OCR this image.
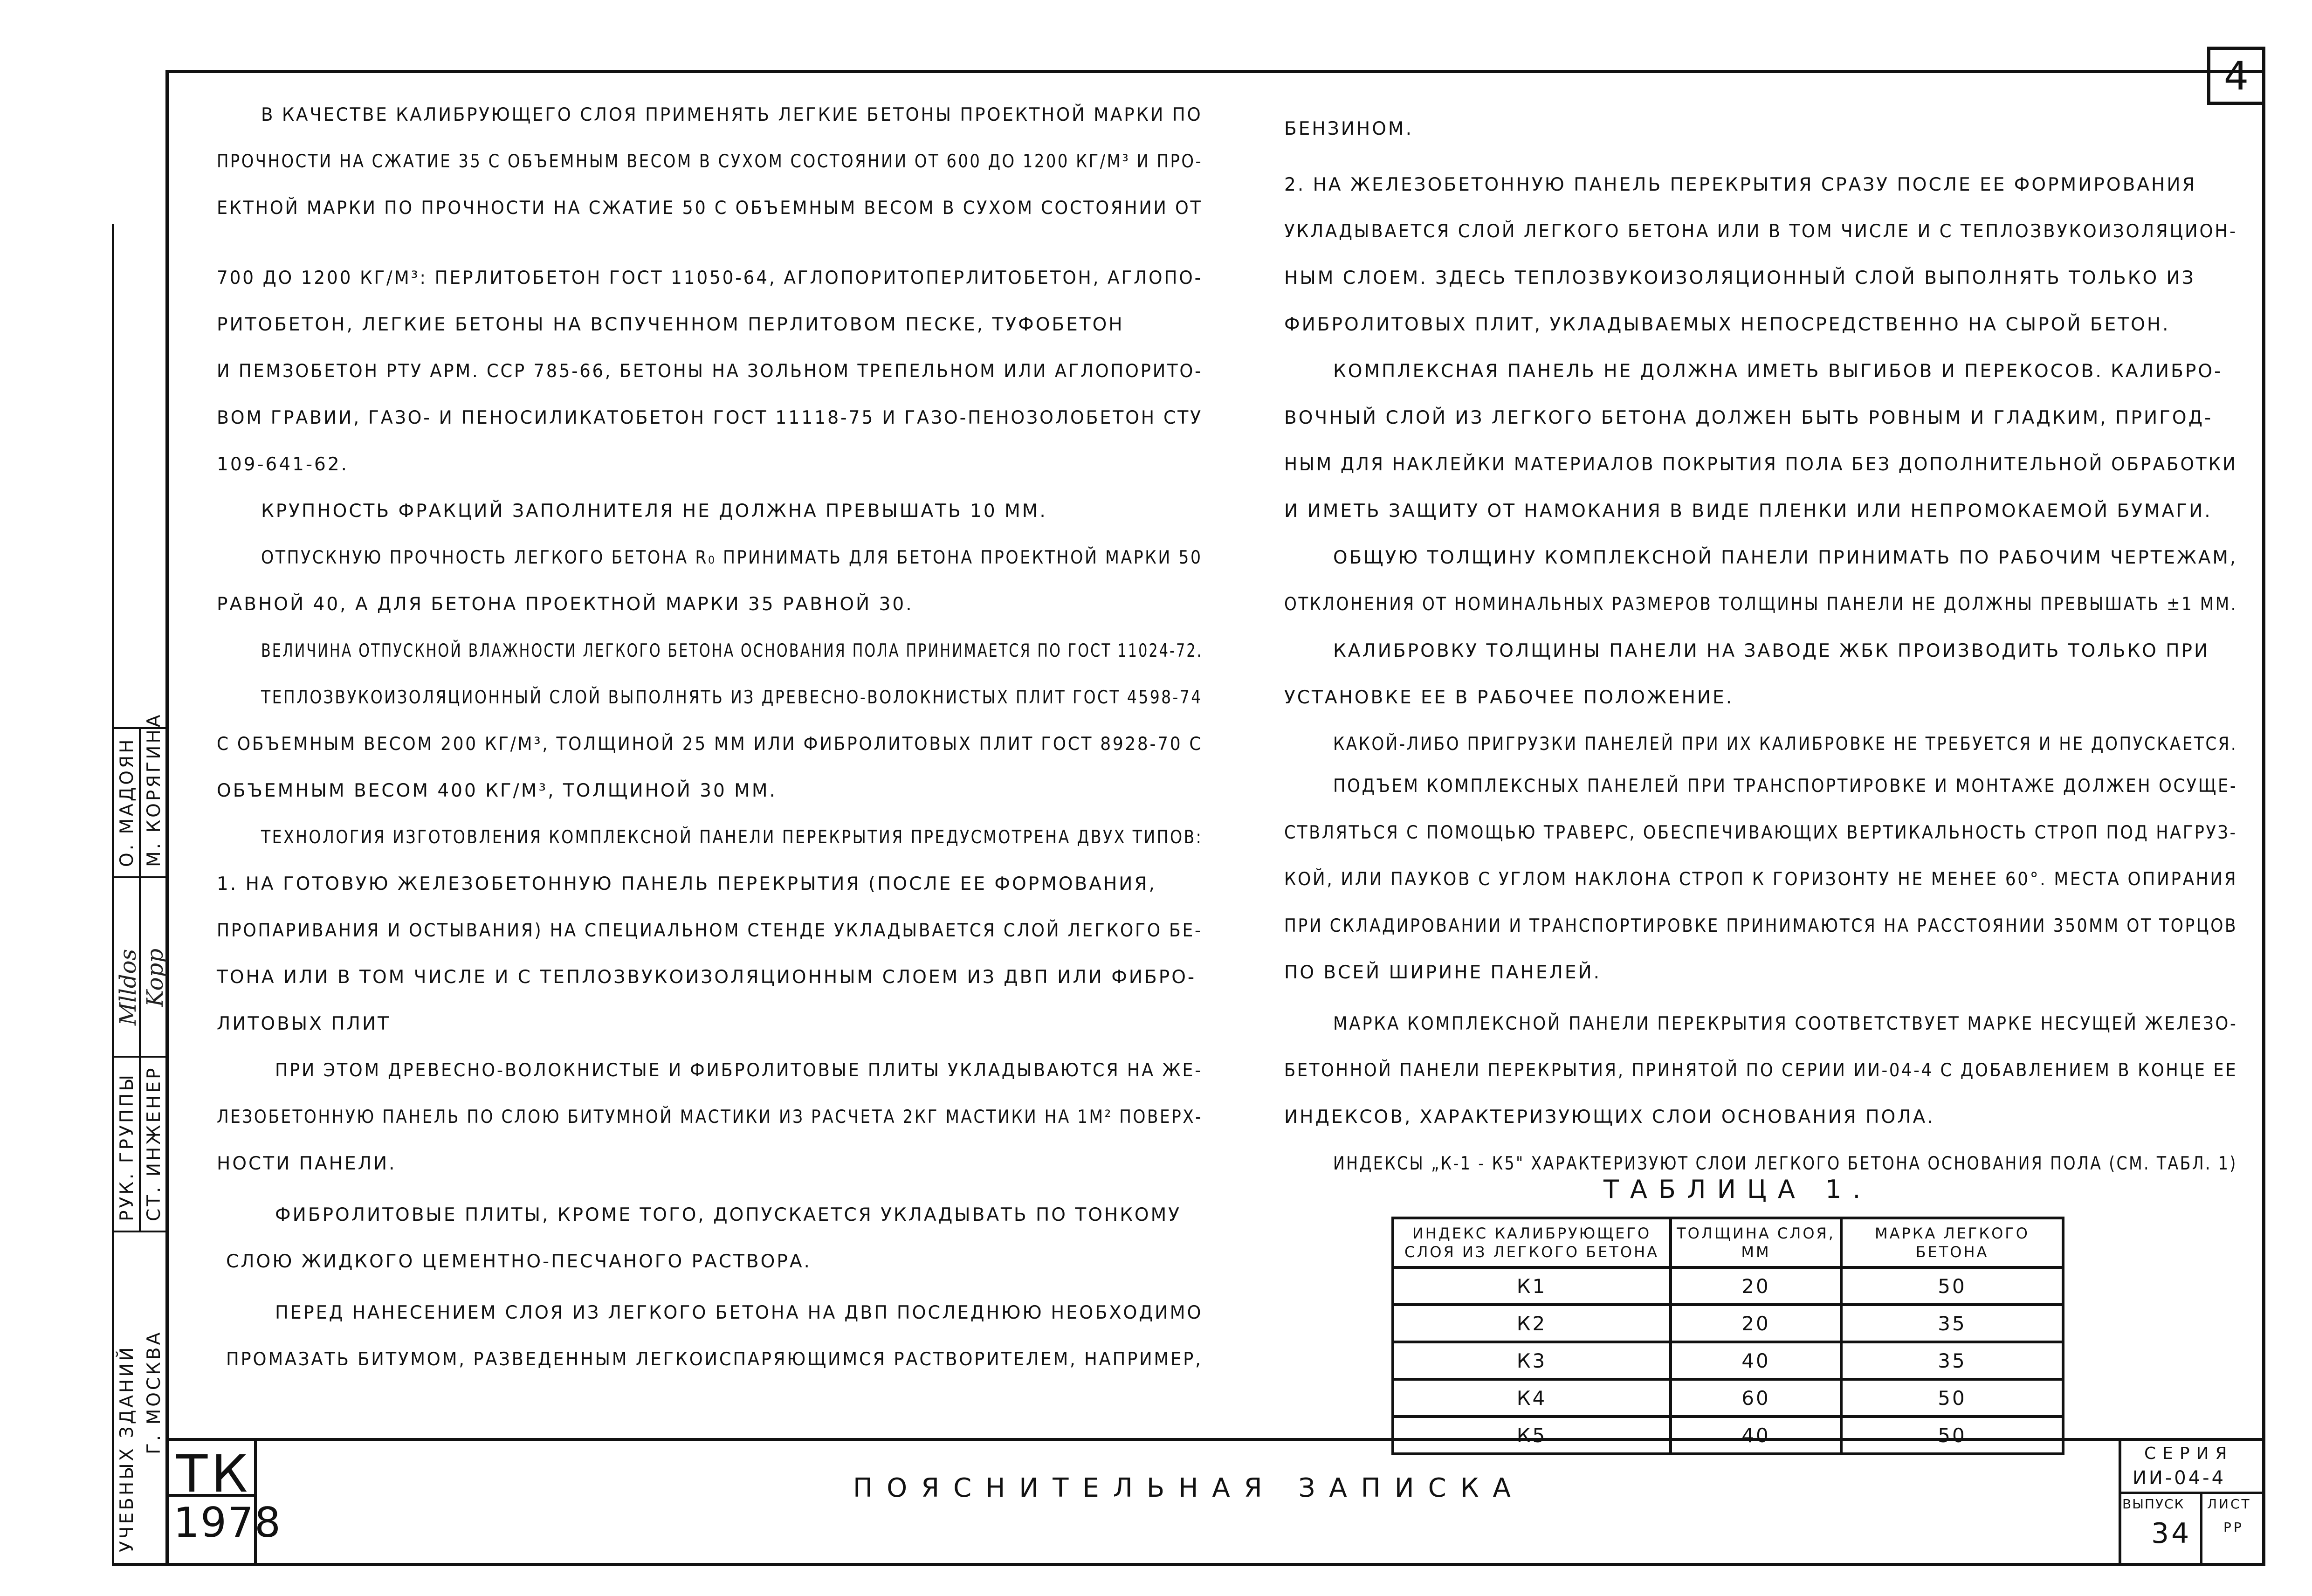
УЧЕБНЫХ ЗДАНИЙ Г. МОСКВА
РУК. ГРУППЫ СТ. ИНЖЕНЕР
Mlldos Kopр
О. МАДОЯН М. КОРЯГИНА
4
В КАЧЕСТВЕ КАЛИБРУЮЩЕГО СЛОЯ ПРИМЕНЯТЬ ЛЕГКИЕ БЕТОНЫ ПРОЕКТНОЙ МАРКИ ПО
ПРОЧНОСТИ НА СЖАТИЕ 35 С ОБЪЕМНЫМ ВЕСОМ В СУХОМ СОСТОЯНИИ ОТ 600 ДО 1200 КГ/М³ И ПРО-
ЕКТНОЙ МАРКИ ПО ПРОЧНОСТИ НА СЖАТИЕ 50 С ОБЪЕМНЫМ ВЕСОМ В СУХОМ СОСТОЯНИИ ОТ
700 ДО 1200 КГ/М³: ПЕРЛИТОБЕТОН ГОСТ 11050-64, АГЛОПОРИТОПЕРЛИТОБЕТОН, АГЛОПО-
РИТОБЕТОН, ЛЕГКИЕ БЕТОНЫ НА ВСПУЧЕННОМ ПЕРЛИТОВОМ ПЕСКЕ, ТУФОБЕТОН
И ПЕМЗОБЕТОН РТУ АРМ. ССР 785-66, БЕТОНЫ НА ЗОЛЬНОМ ТРЕПЕЛЬНОМ ИЛИ АГЛОПОРИТО-
ВОМ ГРАВИИ, ГАЗО- И ПЕНОСИЛИКАТОБЕТОН ГОСТ 11118-75 И ГАЗО-ПЕНОЗОЛОБЕТОН СТУ
109-641-62.
КРУПНОСТЬ ФРАКЦИЙ ЗАПОЛНИТЕЛЯ НЕ ДОЛЖНА ПРЕВЫШАТЬ 10 ММ.
ОТПУСКНУЮ ПРОЧНОСТЬ ЛЕГКОГО БЕТОНА R₀ ПРИНИМАТЬ ДЛЯ БЕТОНА ПРОЕКТНОЙ МАРКИ 50
РАВНОЙ 40, А ДЛЯ БЕТОНА ПРОЕКТНОЙ МАРКИ 35 РАВНОЙ 30.
ВЕЛИЧИНА ОТПУСКНОЙ ВЛАЖНОСТИ ЛЕГКОГО БЕТОНА ОСНОВАНИЯ ПОЛА ПРИНИМАЕТСЯ ПО ГОСТ 11024-72.
ТЕПЛОЗВУКОИЗОЛЯЦИОННЫЙ СЛОЙ ВЫПОЛНЯТЬ ИЗ ДРЕВЕСНО-ВОЛОКНИСТЫХ ПЛИТ ГОСТ 4598-74
С ОБЪЕМНЫМ ВЕСОМ 200 КГ/М³, ТОЛЩИНОЙ 25 ММ ИЛИ ФИБРОЛИТОВЫХ ПЛИТ ГОСТ 8928-70 С
ОБЪЕМНЫМ ВЕСОМ 400 КГ/М³, ТОЛЩИНОЙ 30 ММ.
ТЕХНОЛОГИЯ ИЗГОТОВЛЕНИЯ КОМПЛЕКСНОЙ ПАНЕЛИ ПЕРЕКРЫТИЯ ПРЕДУСМОТРЕНА ДВУХ ТИПОВ:
1. НА ГОТОВУЮ ЖЕЛЕЗОБЕТОННУЮ ПАНЕЛЬ ПЕРЕКРЫТИЯ (ПОСЛЕ ЕЕ ФОРМОВАНИЯ,
ПРОПАРИВАНИЯ И ОСТЫВАНИЯ) НА СПЕЦИАЛЬНОМ СТЕНДЕ УКЛАДЫВАЕТСЯ СЛОЙ ЛЕГКОГО БЕ-
ТОНА ИЛИ В ТОМ ЧИСЛЕ И С ТЕПЛОЗВУКОИЗОЛЯЦИОННЫМ СЛОЕМ ИЗ ДВП ИЛИ ФИБРО-
ЛИТОВЫХ ПЛИТ
ПРИ ЭТОМ ДРЕВЕСНО-ВОЛОКНИСТЫЕ И ФИБРОЛИТОВЫЕ ПЛИТЫ УКЛАДЫВАЮТСЯ НА ЖЕ-
ЛЕЗОБЕТОННУЮ ПАНЕЛЬ ПО СЛОЮ БИТУМНОЙ МАСТИКИ ИЗ РАСЧЕТА 2КГ МАСТИКИ НА 1М² ПОВЕРХ-
НОСТИ ПАНЕЛИ.
ФИБРОЛИТОВЫЕ ПЛИТЫ, КРОМЕ ТОГО, ДОПУСКАЕТСЯ УКЛАДЫВАТЬ ПО ТОНКОМУ
СЛОЮ ЖИДКОГО ЦЕМЕНТНО-ПЕСЧАНОГО РАСТВОРА.
ПЕРЕД НАНЕСЕНИЕМ СЛОЯ ИЗ ЛЕГКОГО БЕТОНА НА ДВП ПОСЛЕДНЮЮ НЕОБХОДИМО
ПРОМАЗАТЬ БИТУМОМ, РАЗВЕДЕННЫМ ЛЕГКОИСПАРЯЮЩИМСЯ РАСТВОРИТЕЛЕМ, НАПРИМЕР,
БЕНЗИНОМ.
2. НА ЖЕЛЕЗОБЕТОННУЮ ПАНЕЛЬ ПЕРЕКРЫТИЯ СРАЗУ ПОСЛЕ ЕЕ ФОРМИРОВАНИЯ
УКЛАДЫВАЕТСЯ СЛОЙ ЛЕГКОГО БЕТОНА ИЛИ В ТОМ ЧИСЛЕ И С ТЕПЛОЗВУКОИЗОЛЯЦИОН-
НЫМ СЛОЕМ. ЗДЕСЬ ТЕПЛОЗВУКОИЗОЛЯЦИОННЫЙ СЛОЙ ВЫПОЛНЯТЬ ТОЛЬКО ИЗ
ФИБРОЛИТОВЫХ ПЛИТ, УКЛАДЫВАЕМЫХ НЕПОСРЕДСТВЕННО НА СЫРОЙ БЕТОН.
КОМПЛЕКСНАЯ ПАНЕЛЬ НЕ ДОЛЖНА ИМЕТЬ ВЫГИБОВ И ПЕРЕКОСОВ. КАЛИБРО-
ВОЧНЫЙ СЛОЙ ИЗ ЛЕГКОГО БЕТОНА ДОЛЖЕН БЫТЬ РОВНЫМ И ГЛАДКИМ, ПРИГОД-
НЫМ ДЛЯ НАКЛЕЙКИ МАТЕРИАЛОВ ПОКРЫТИЯ ПОЛА БЕЗ ДОПОЛНИТЕЛЬНОЙ ОБРАБОТКИ
И ИМЕТЬ ЗАЩИТУ ОТ НАМОКАНИЯ В ВИДЕ ПЛЕНКИ ИЛИ НЕПРОМОКАЕМОЙ БУМАГИ.
ОБЩУЮ ТОЛЩИНУ КОМПЛЕКСНОЙ ПАНЕЛИ ПРИНИМАТЬ ПО РАБОЧИМ ЧЕРТЕЖАМ,
ОТКЛОНЕНИЯ ОТ НОМИНАЛЬНЫХ РАЗМЕРОВ ТОЛЩИНЫ ПАНЕЛИ НЕ ДОЛЖНЫ ПРЕВЫШАТЬ ±1 ММ.
КАЛИБРОВКУ ТОЛЩИНЫ ПАНЕЛИ НА ЗАВОДЕ ЖБК ПРОИЗВОДИТЬ ТОЛЬКО ПРИ
УСТАНОВКЕ ЕЕ В РАБОЧЕЕ ПОЛОЖЕНИЕ.
КАКОЙ-ЛИБО ПРИГРУЗКИ ПАНЕЛЕЙ ПРИ ИХ КАЛИБРОВКЕ НЕ ТРЕБУЕТСЯ И НЕ ДОПУСКАЕТСЯ.
ПОДЪЕМ КОМПЛЕКСНЫХ ПАНЕЛЕЙ ПРИ ТРАНСПОРТИРОВКЕ И МОНТАЖЕ ДОЛЖЕН ОСУЩЕ-
СТВЛЯТЬСЯ С ПОМОЩЬЮ ТРАВЕРС, ОБЕСПЕЧИВАЮЩИХ ВЕРТИКАЛЬНОСТЬ СТРОП ПОД НАГРУЗ-
КОЙ, ИЛИ ПАУКОВ С УГЛОМ НАКЛОНА СТРОП К ГОРИЗОНТУ НЕ МЕНЕЕ 60°. МЕСТА ОПИРАНИЯ
ПРИ СКЛАДИРОВАНИИ И ТРАНСПОРТИРОВКЕ ПРИНИМАЮТСЯ НА РАССТОЯНИИ 350ММ ОТ ТОРЦОВ
ПО ВСЕЙ ШИРИНЕ ПАНЕЛЕЙ.
МАРКА КОМПЛЕКСНОЙ ПАНЕЛИ ПЕРЕКРЫТИЯ СООТВЕТСТВУЕТ МАРКЕ НЕСУЩЕЙ ЖЕЛЕЗО-
БЕТОННОЙ ПАНЕЛИ ПЕРЕКРЫТИЯ, ПРИНЯТОЙ ПО СЕРИИ ИИ-04-4 С ДОБАВЛЕНИЕМ В КОНЦЕ ЕЕ
ИНДЕКСОВ, ХАРАКТЕРИЗУЮЩИХ СЛОИ ОСНОВАНИЯ ПОЛА.
ИНДЕКСЫ „К-1 - К5" ХАРАКТЕРИЗУЮТ СЛОИ ЛЕГКОГО БЕТОНА ОСНОВАНИЯ ПОЛА (СМ. ТАБЛ. 1)
ТАБЛИЦА 1.
ИНДЕКС КАЛИБРУЮЩЕГО СЛОЯ ИЗ ЛЕГКОГО БЕТОНА	ТОЛЩИНА СЛОЯ, ММ	МАРКА ЛЕГКОГО БЕТОНА
К1	20	50
К2	20	35
К3	40	35
К4	60	50
К5	40	50
ТК
1978
ПОЯСНИТЕЛЬНАЯ ЗАПИСКА
СЕРИЯ
ИИ-04-4
ВЫПУСК
34
ЛИСТ
РР
